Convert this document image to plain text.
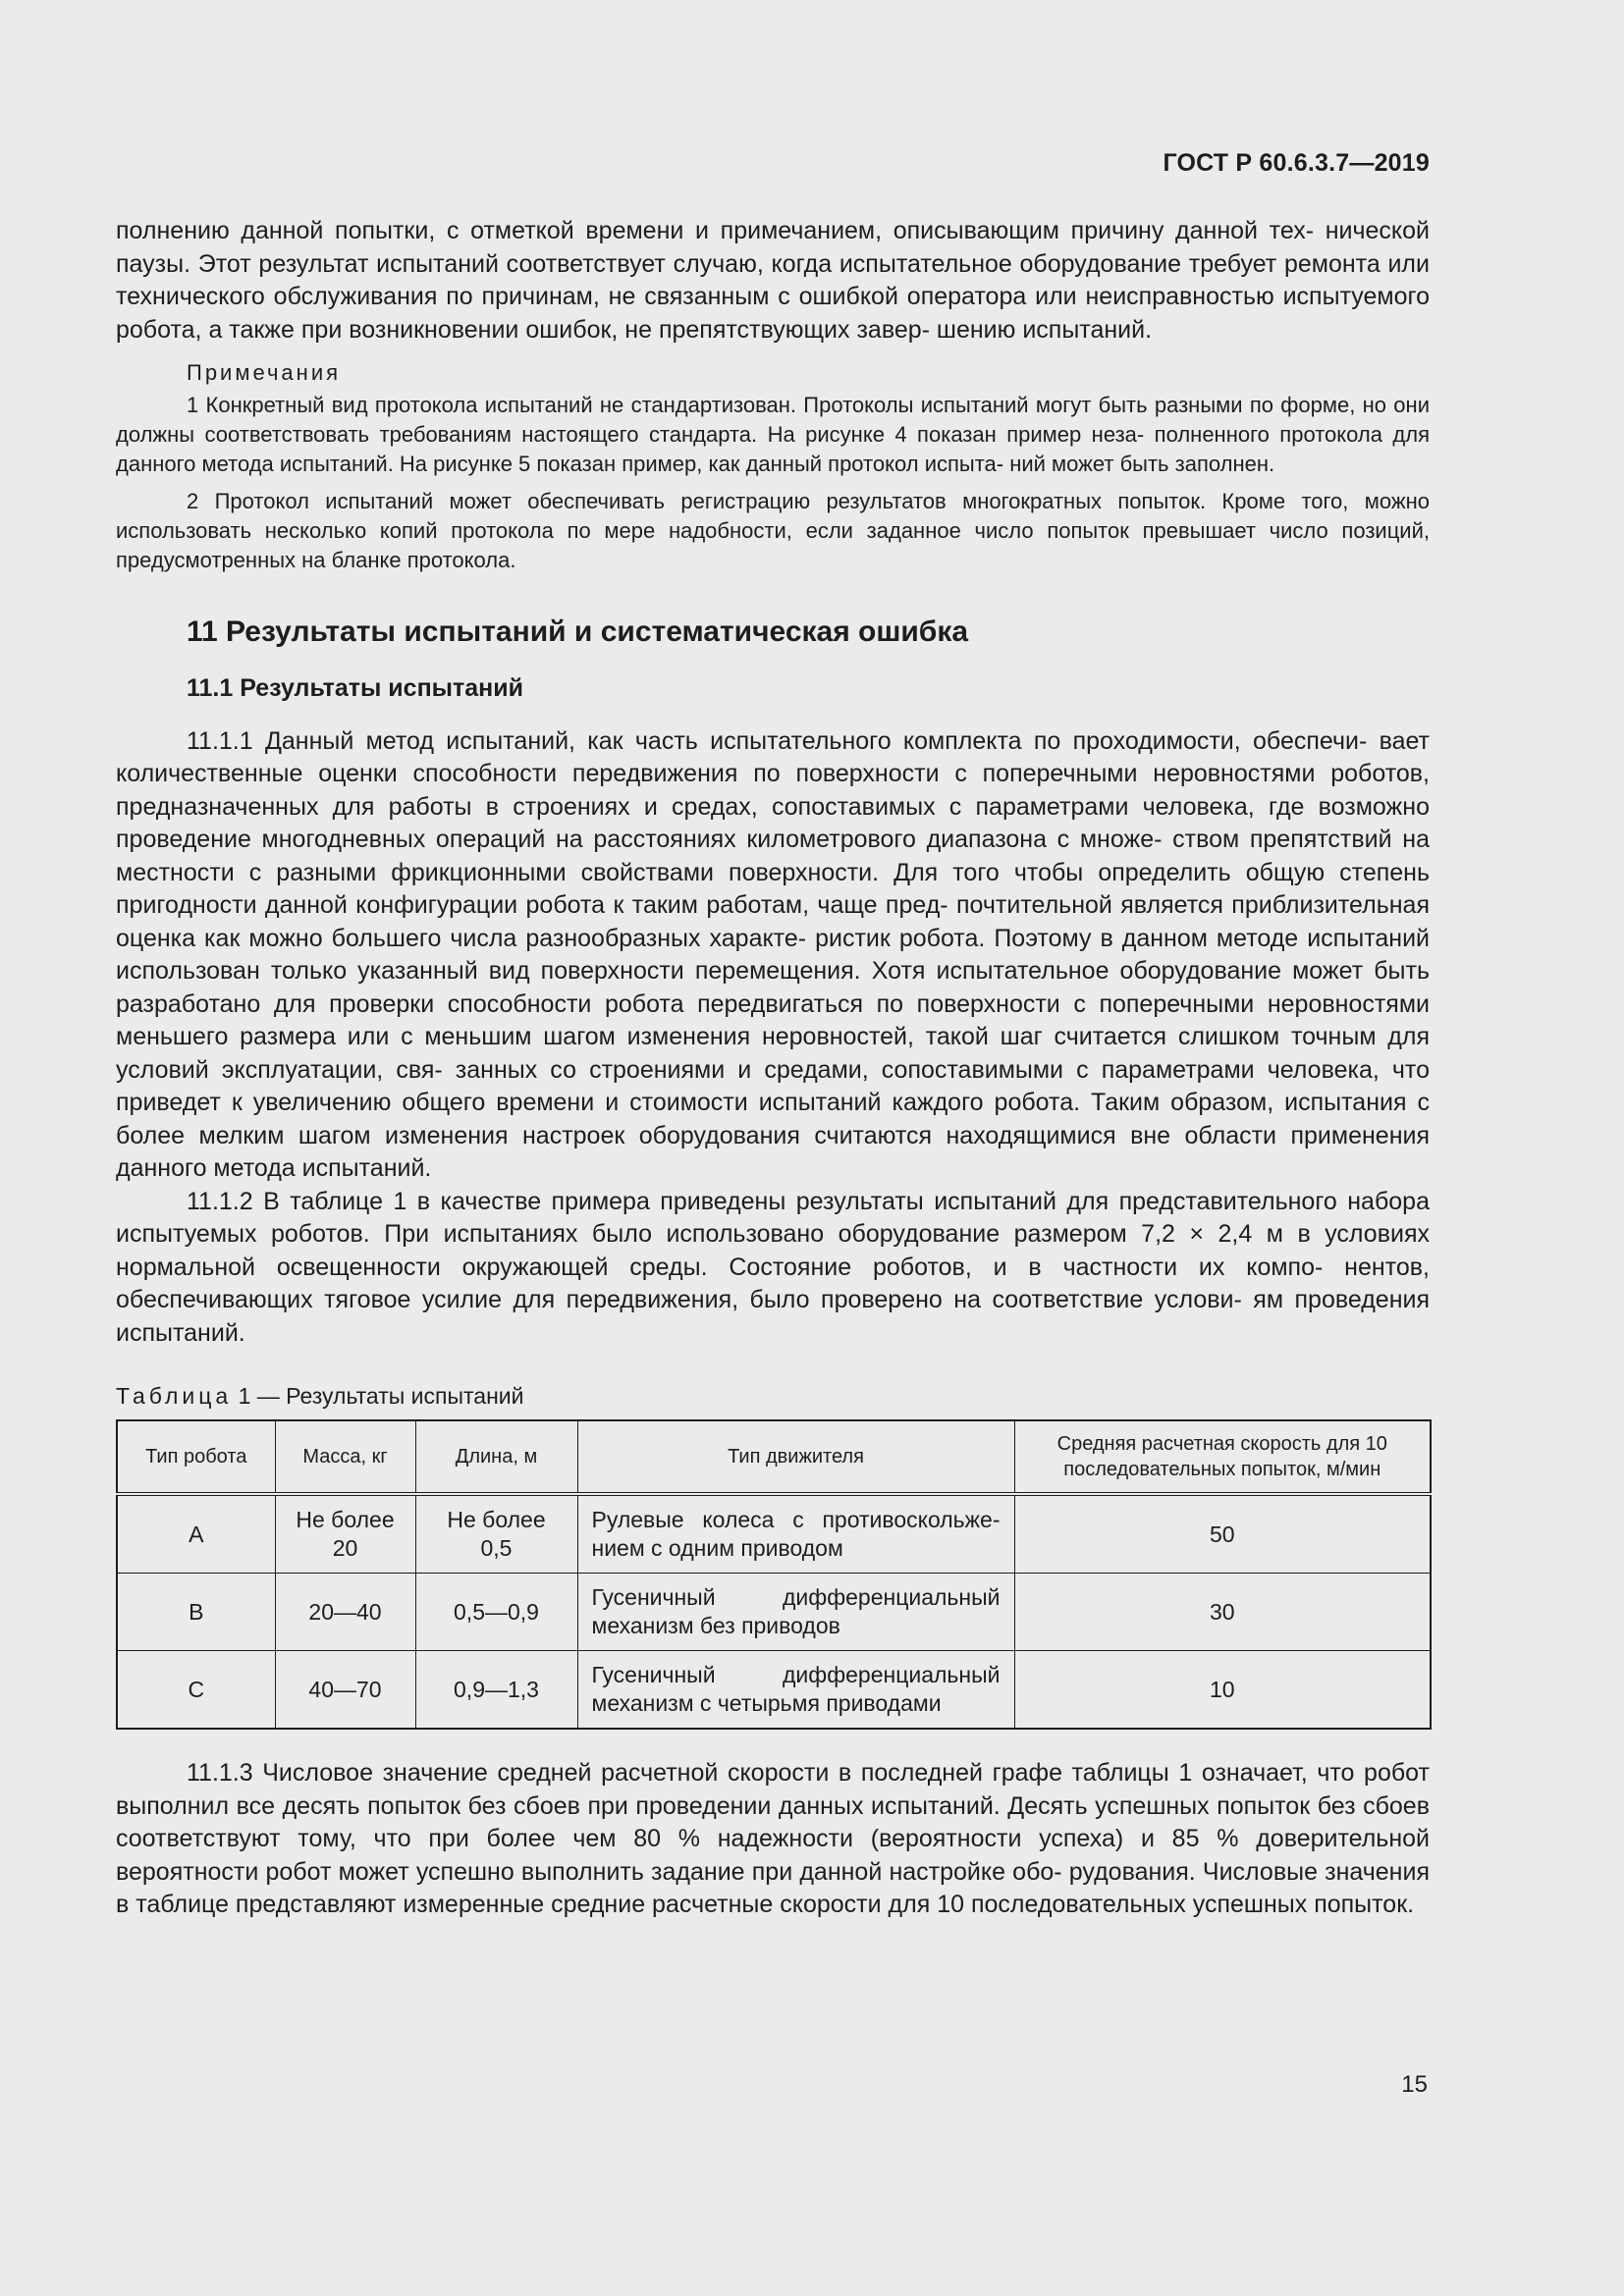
ГОСТ Р 60.6.3.7—2019

полнению данной попытки, с отметкой времени и примечанием, описывающим причину данной тех- нической паузы. Этот результат испытаний соответствует случаю, когда испытательное оборудование требует ремонта или технического обслуживания по причинам, не связанным с ошибкой оператора или неисправностью испытуемого робота, а также при возникновении ошибок, не препятствующих завер- шению испытаний.

Примечания

1 Конкретный вид протокола испытаний не стандартизован. Протоколы испытаний могут быть разными по форме, но они должны соответствовать требованиям настоящего стандарта. На рисунке 4 показан пример неза- полненного протокола для данного метода испытаний. На рисунке 5 показан пример, как данный протокол испыта- ний может быть заполнен.

2 Протокол испытаний может обеспечивать регистрацию результатов многократных попыток. Кроме того, можно использовать несколько копий протокола по мере надобности, если заданное число попыток превышает число позиций, предусмотренных на бланке протокола.

11 Результаты испытаний и систематическая ошибка
11.1 Результаты испытаний

11.1.1 Данный метод испытаний, как часть испытательного комплекта по проходимости, обеспечи- вает количественные оценки способности передвижения по поверхности с поперечными неровностями роботов, предназначенных для работы в строениях и средах, сопоставимых с параметрами человека, где возможно проведение многодневных операций на расстояниях километрового диапазона с множе- ством препятствий на местности с разными фрикционными свойствами поверхности. Для того чтобы определить общую степень пригодности данной конфигурации робота к таким работам, чаще пред- почтительной является приблизительная оценка как можно большего числа разнообразных характе- ристик робота. Поэтому в данном методе испытаний использован только указанный вид поверхности перемещения. Хотя испытательное оборудование может быть разработано для проверки способности робота передвигаться по поверхности с поперечными неровностями меньшего размера или с меньшим шагом изменения неровностей, такой шаг считается слишком точным для условий эксплуатации, свя- занных со строениями и средами, сопоставимыми с параметрами человека, что приведет к увеличению общего времени и стоимости испытаний каждого робота. Таким образом, испытания с более мелким шагом изменения настроек оборудования считаются находящимися вне области применения данного метода испытаний.

11.1.2 В таблице 1 в качестве примера приведены результаты испытаний для представительного набора испытуемых роботов. При испытаниях было использовано оборудование размером 7,2 × 2,4 м в условиях нормальной освещенности окружающей среды. Состояние роботов, и в частности их компо- нентов, обеспечивающих тяговое усилие для передвижения, было проверено на соответствие услови- ям проведения испытаний.

Таблица 1 — Результаты испытаний

Тип робота	Масса, кг	Длина, м	Тип движителя	Средняя расчетная скорость для 10 последовательных попыток, м/мин
A	Не более 20	Не более 0,5	Рулевые колеса с противоскольже- нием с одним приводом	50
B	20—40	0,5—0,9	Гусеничный дифференциальный механизм без приводов	30
C	40—70	0,9—1,3	Гусеничный дифференциальный механизм с четырьмя приводами	10

11.1.3 Числовое значение средней расчетной скорости в последней графе таблицы 1 означает, что робот выполнил все десять попыток без сбоев при проведении данных испытаний. Десять успешных попыток без сбоев соответствуют тому, что при более чем 80 % надежности (вероятности успеха) и 85 % доверительной вероятности робот может успешно выполнить задание при данной настройке обо- рудования. Числовые значения в таблице представляют измеренные средние расчетные скорости для 10 последовательных успешных попыток.

15
